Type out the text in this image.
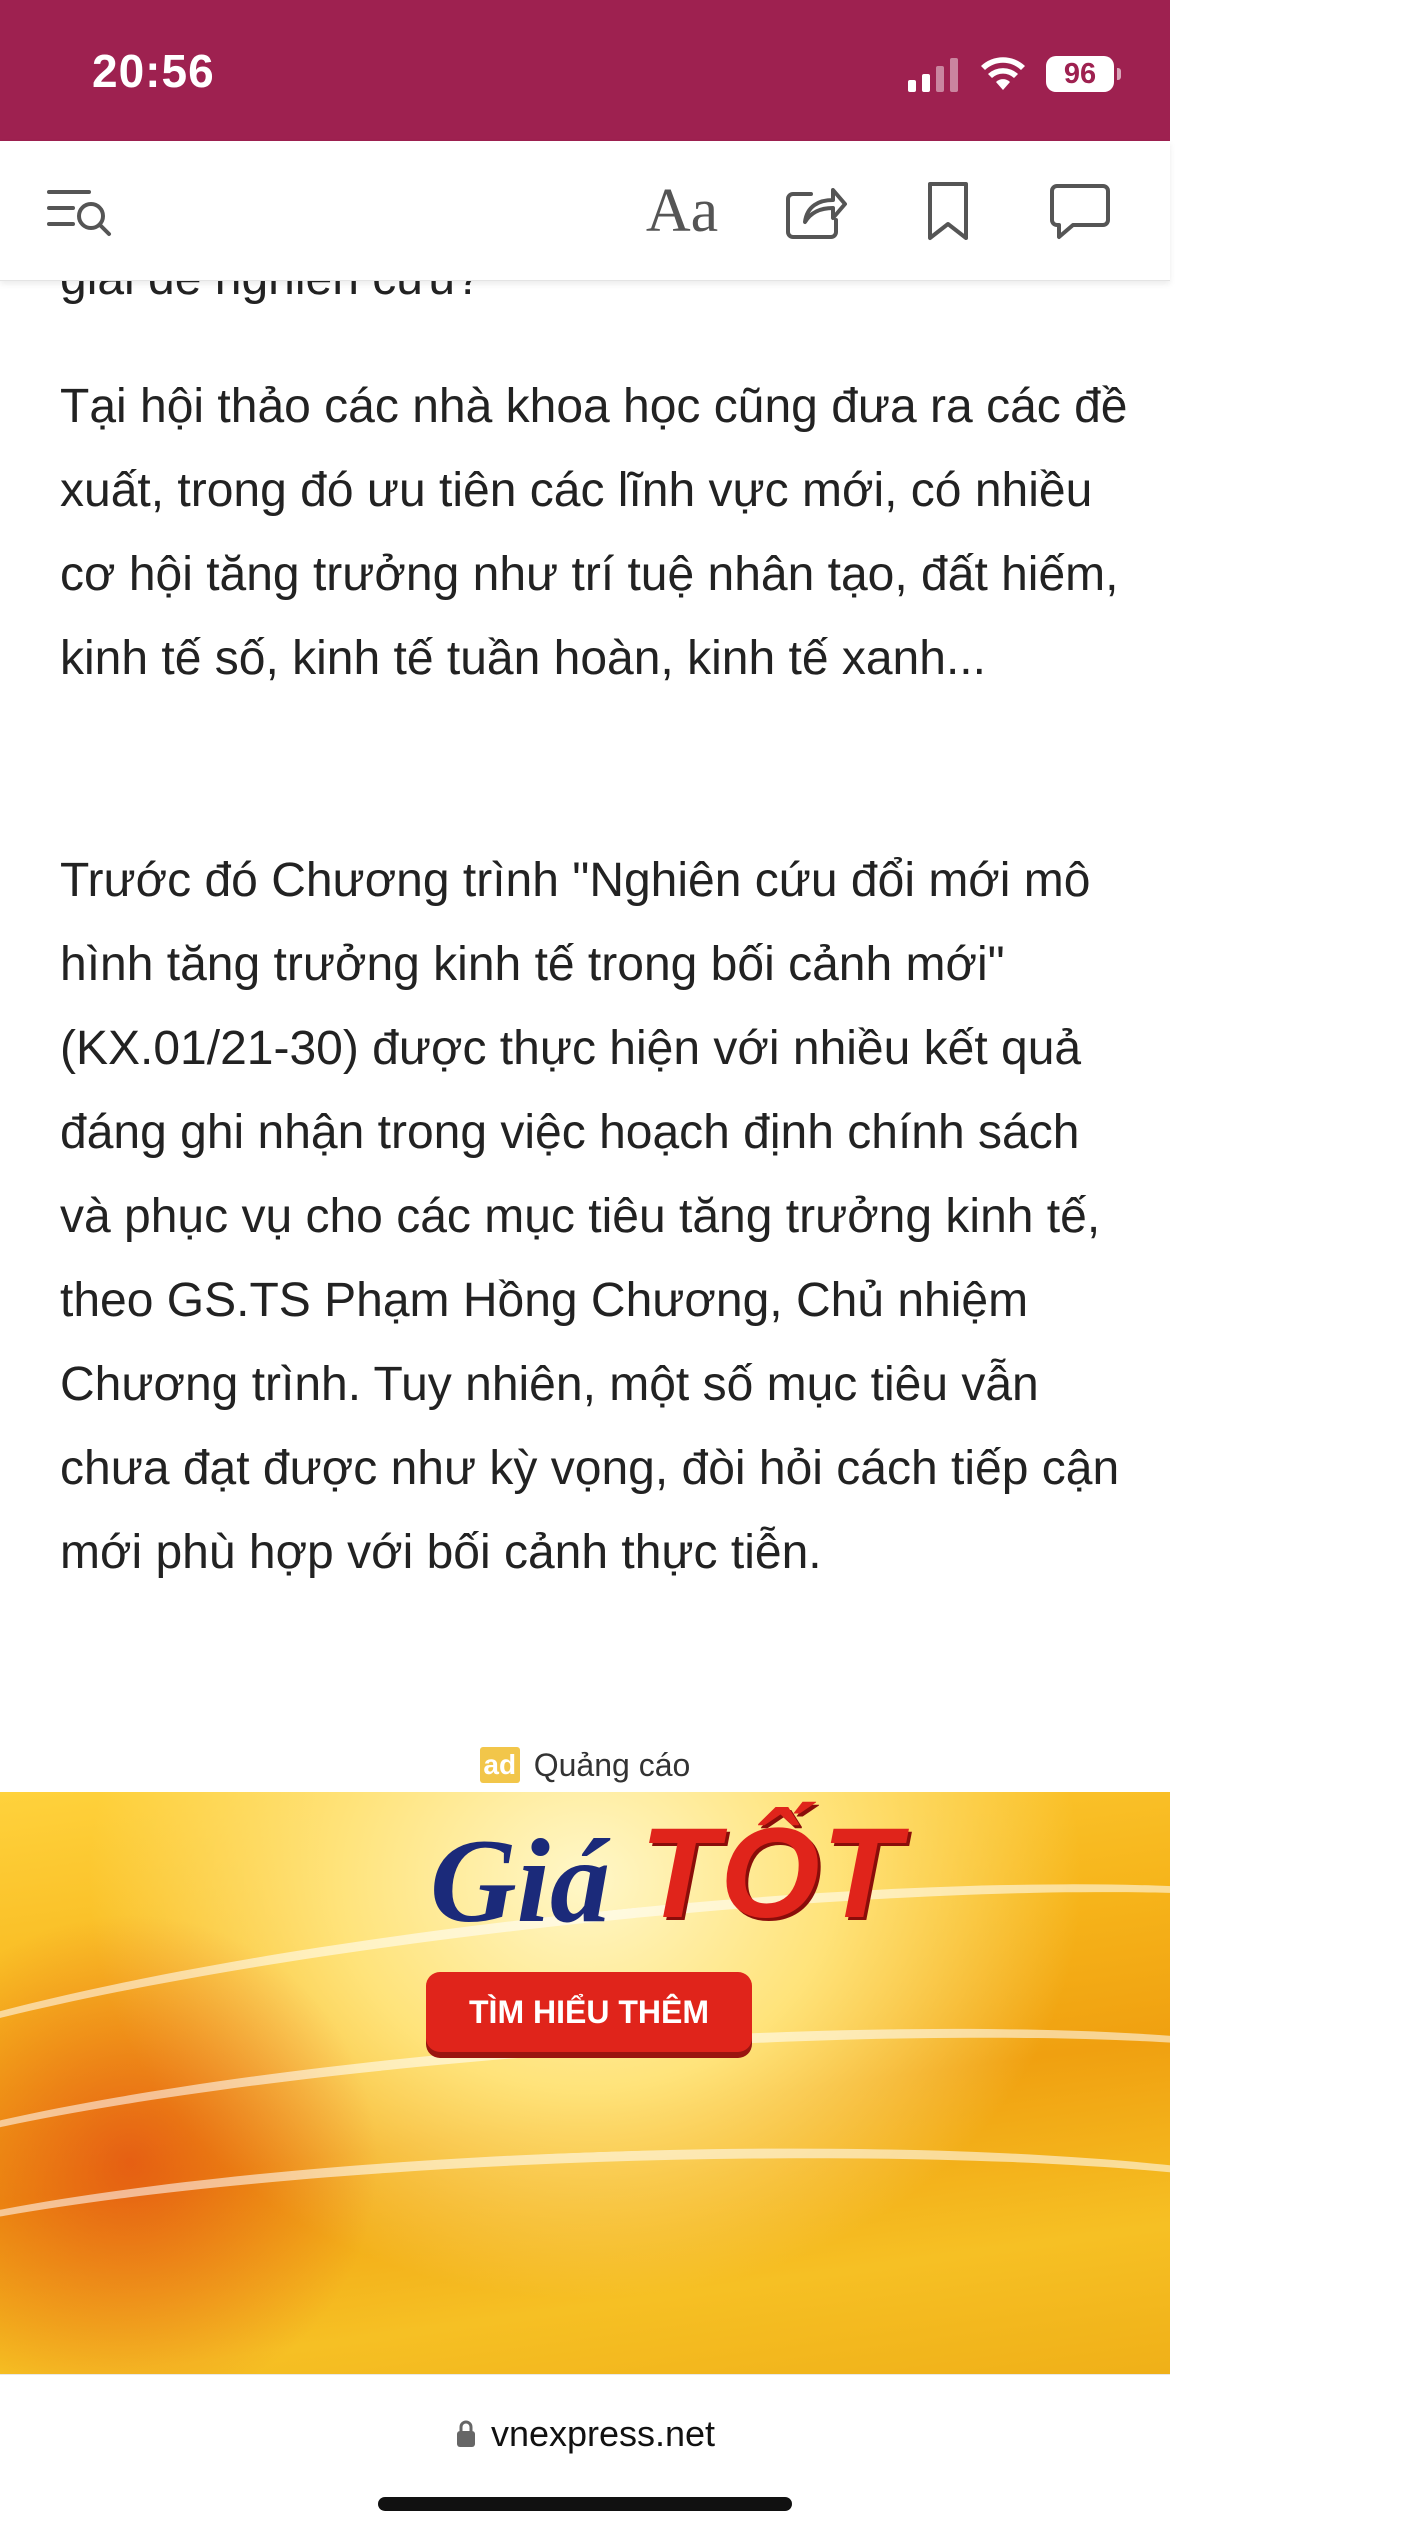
20:56	96
Aa

Tại hội thảo các nhà khoa học cũng đưa ra các đề xuất, trong đó ưu tiên các lĩnh vực mới, có nhiều cơ hội tăng trưởng như trí tuệ nhân tạo, đất hiếm, kinh tế số, kinh tế tuần hoàn, kinh tế xanh...

Trước đó Chương trình "Nghiên cứu đổi mới mô hình tăng trưởng kinh tế trong bối cảnh mới" (KX.01/21-30) được thực hiện với nhiều kết quả đáng ghi nhận trong việc hoạch định chính sách và phục vụ cho các mục tiêu tăng trưởng kinh tế, theo GS.TS Phạm Hồng Chương, Chủ nhiệm Chương trình. Tuy nhiên, một số mục tiêu vẫn chưa đạt được như kỳ vọng, đòi hỏi cách tiếp cận mới phù hợp với bối cảnh thực tiễn.

ad Quảng cáo
Giá TỐT
TÌM HIỂU THÊM
vnexpress.net
